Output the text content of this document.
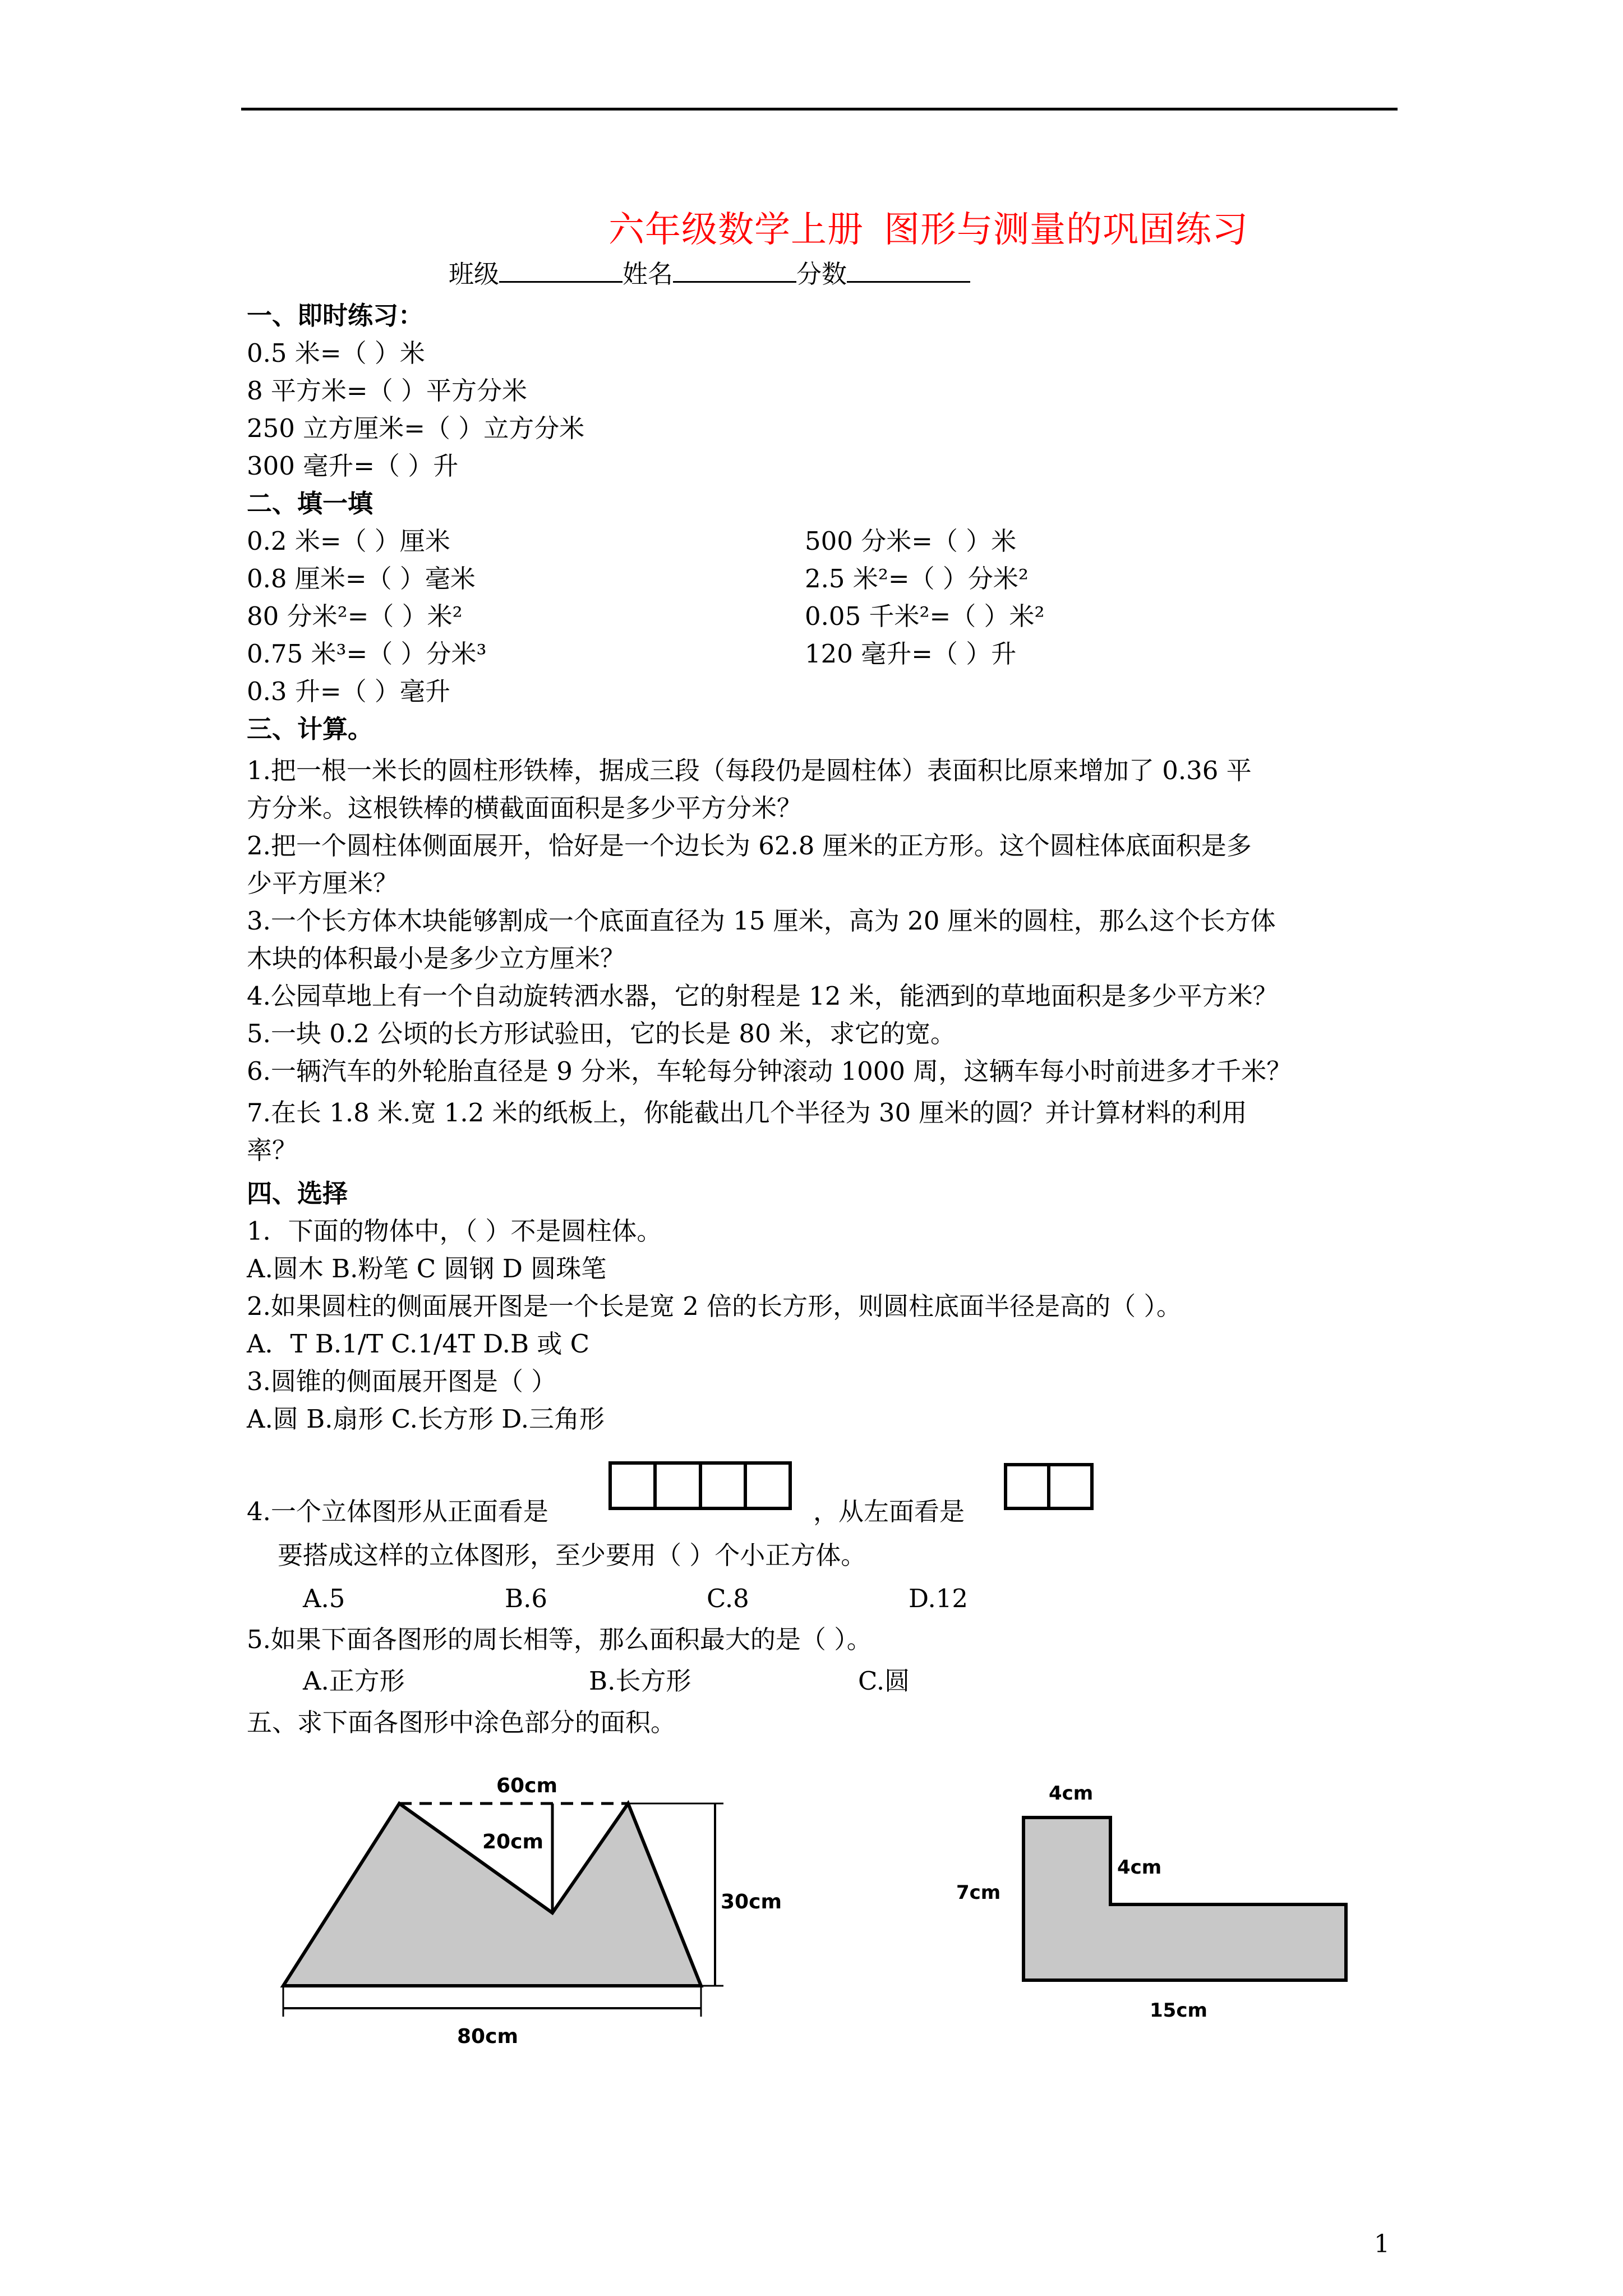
六年级数学上册 图形与测量的巩固练习
班级	姓名	分数
一、即时练习：
0.5 米=（ ）米
8 平方米=（ ）平方分米
250 立方厘米=（ ）立方分米
300 毫升=（ ）升
二、填一填
0.2 米=（ ）厘米	500 分米=（ ）米
0.8 厘米=（ ）毫米	2.5 米²=（ ）分米²
80 分米²=（ ）米²	0.05 千米²=（ ）米²
0.75 米³=（ ）分米³	120 毫升=（ ）升
0.3 升=（ ）毫升
三、计算。
1.把一根一米长的圆柱形铁棒，据成三段（每段仍是圆柱体）表面积比原来增加了 0.36 平
方分米。这根铁棒的横截面面积是多少平方分米？
2.把一个圆柱体侧面展开，恰好是一个边长为 62.8 厘米的正方形。这个圆柱体底面积是多
少平方厘米？
3.一个长方体木块能够割成一个底面直径为 15 厘米，高为 20 厘米的圆柱，那么这个长方体
木块的体积最小是多少立方厘米？
4.公园草地上有一个自动旋转洒水器，它的射程是 12 米，能洒到的草地面积是多少平方米？
5.一块 0.2 公顷的长方形试验田，它的长是 80 米，求它的宽。
6.一辆汽车的外轮胎直径是 9 分米，车轮每分钟滚动 1000 周，这辆车每小时前进多才千米？
7.在长 1.8 米.宽 1.2 米的纸板上，你能截出几个半径为 30 厘米的圆？并计算材料的利用
率？
四、选择
1．下面的物体中，（ ）不是圆柱体。
A.圆木 B.粉笔 C 圆钢 D 圆珠笔
2.如果圆柱的侧面展开图是一个长是宽 2 倍的长方形，则圆柱底面半径是高的（ ）。
A．T B.1/T C.1/4T D.B 或 C
3.圆锥的侧面展开图是（ ）
A.圆 B.扇形 C.长方形 D.三角形
4.一个立体图形从正面看是	，从左面看是
要搭成这样的立体图形，至少要用（ ）个小正方体。
A.5	B.6	C.8	D.12
5.如果下面各图形的周长相等，那么面积最大的是（ ）。
A.正方形	B.长方形	C.圆
五、求下面各图形中涂色部分的面积。
60cm
20cm
30cm
80cm
4cm
4cm
7cm
15cm
1
